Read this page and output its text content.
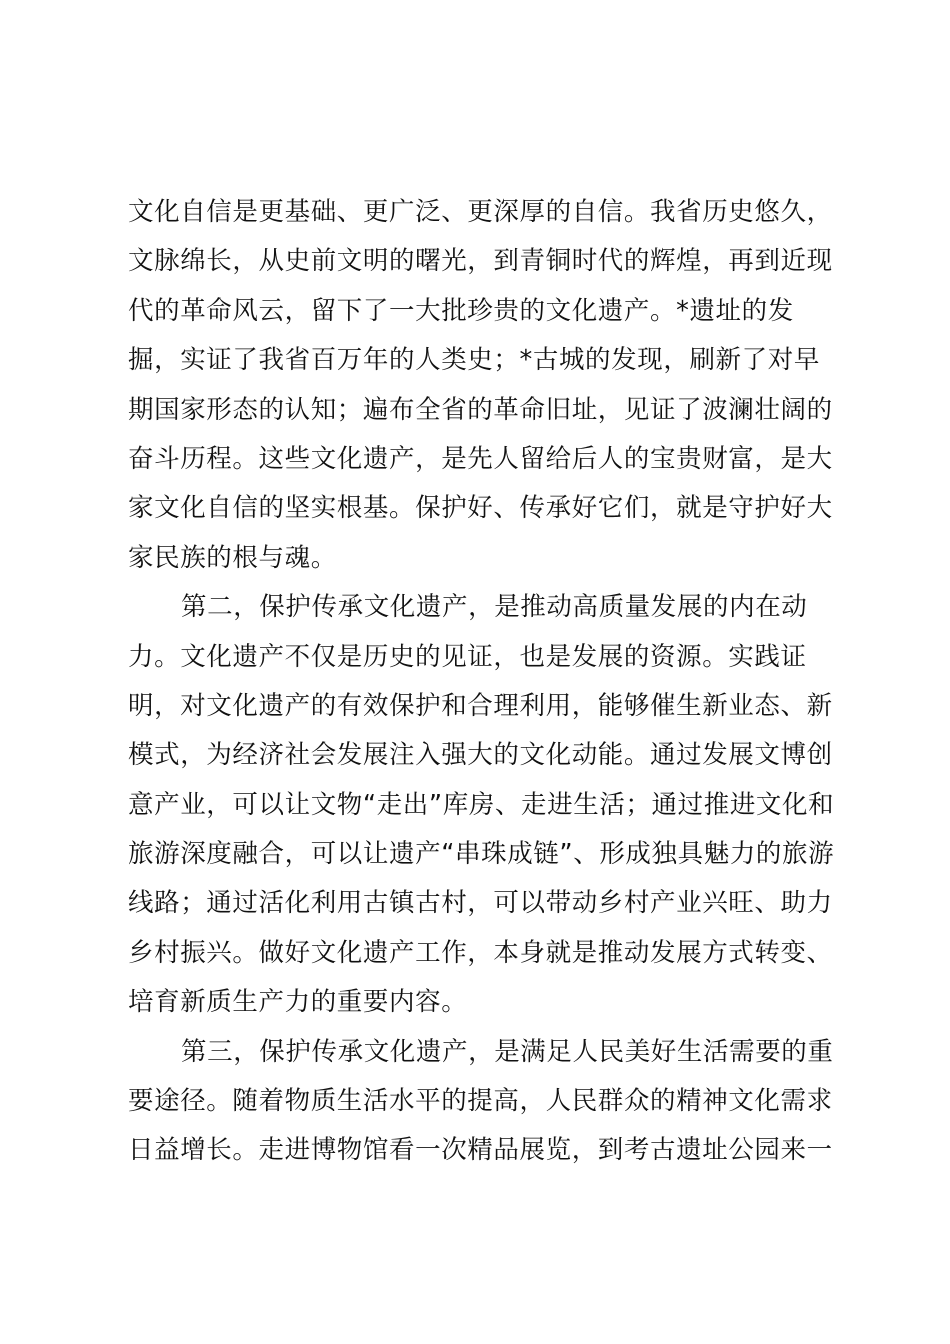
文化自信是更基础、更广泛、更深厚的自信。我省历史悠久，
文脉绵长，从史前文明的曙光，到青铜时代的辉煌，再到近现
代的革命风云，留下了一大批珍贵的文化遗产。*遗址的发
掘，实证了我省百万年的人类史；*古城的发现，刷新了对早
期国家形态的认知；遍布全省的革命旧址，见证了波澜壮阔的
奋斗历程。这些文化遗产，是先人留给后人的宝贵财富，是大
家文化自信的坚实根基。保护好、传承好它们，就是守护好大
家民族的根与魂。
第二，保护传承文化遗产，是推动高质量发展的内在动
力。文化遗产不仅是历史的见证，也是发展的资源。实践证
明，对文化遗产的有效保护和合理利用，能够催生新业态、新
模式，为经济社会发展注入强大的文化动能。通过发展文博创
意产业，可以让文物“走出”库房、走进生活；通过推进文化和
旅游深度融合，可以让遗产“串珠成链”、形成独具魅力的旅游
线路；通过活化利用古镇古村，可以带动乡村产业兴旺、助力
乡村振兴。做好文化遗产工作，本身就是推动发展方式转变、
培育新质生产力的重要内容。
第三，保护传承文化遗产，是满足人民美好生活需要的重
要途径。随着物质生活水平的提高，人民群众的精神文化需求
日益增长。走进博物馆看一次精品展览，到考古遗址公园来一
